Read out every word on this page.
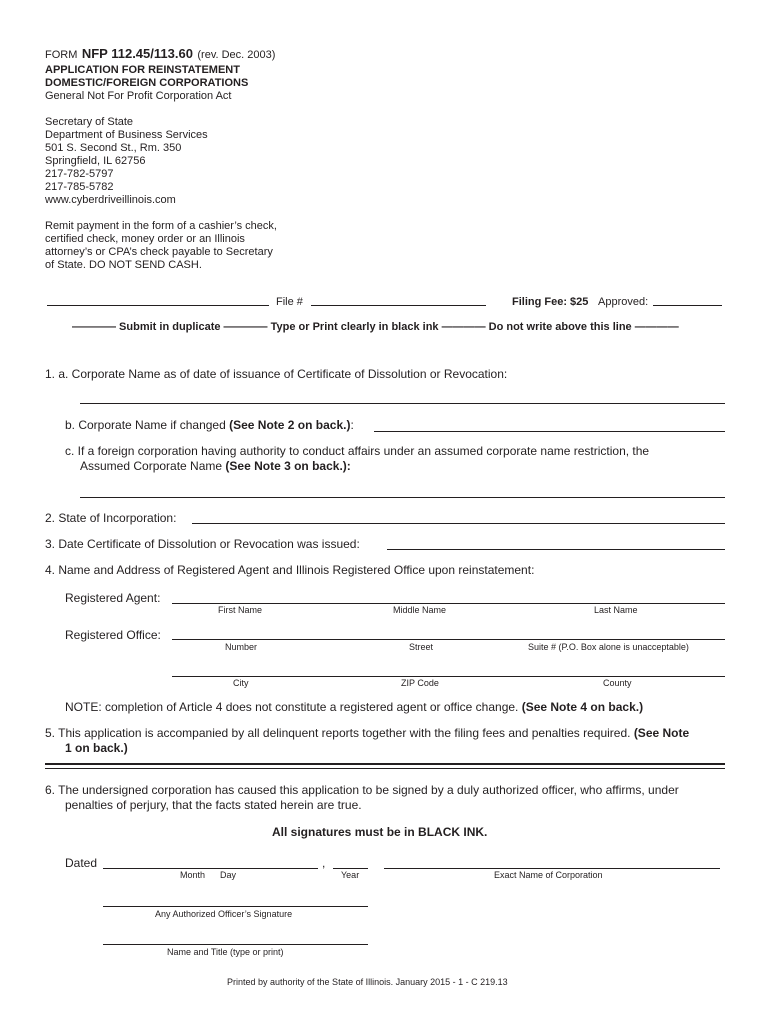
FORM NFP 112.45/113.60 (rev. Dec. 2003)
APPLICATION FOR REINSTATEMENT
DOMESTIC/FOREIGN CORPORATIONS
General Not For Profit Corporation Act
Secretary of State
Department of Business Services
501 S. Second St., Rm. 350
Springfield, IL 62756
217-782-5797
217-785-5782
www.cyberdriveillinois.com
Remit payment in the form of a cashier’s check,
certified check, money order or an Illinois
attorney’s or CPA’s check payable to Secretary
of State. DO NOT SEND CASH.
File #	Filing Fee: $25 Approved:
———— Submit in duplicate ———— Type or Print clearly in black ink ———— Do not write above this line ————
1. a. Corporate Name as of date of issuance of Certificate of Dissolution or Revocation:
b. Corporate Name if changed (See Note 2 on back.):
c. If a foreign corporation having authority to conduct affairs under an assumed corporate name restriction, the
Assumed Corporate Name (See Note 3 on back.):
2. State of Incorporation:
3. Date Certificate of Dissolution or Revocation was issued:
4. Name and Address of Registered Agent and Illinois Registered Office upon reinstatement:
Registered Agent:
First Name	Middle Name	Last Name
Registered Office:
Number	Street	Suite # (P.O. Box alone is unacceptable)
City	ZIP Code	County
NOTE: completion of Article 4 does not constitute a registered agent or office change. (See Note 4 on back.)
5. This application is accompanied by all delinquent reports together with the filing fees and penalties required. (See Note
1 on back.)
6. The undersigned corporation has caused this application to be signed by a duly authorized officer, who affirms, under
penalties of perjury, that the facts stated herein are true.
All signatures must be in BLACK INK.
Dated	,
Month Day	Year	Exact Name of Corporation
Any Authorized Officer’s Signature
Name and Title (type or print)
Printed by authority of the State of Illinois. January 2015 - 1 - C 219.13
